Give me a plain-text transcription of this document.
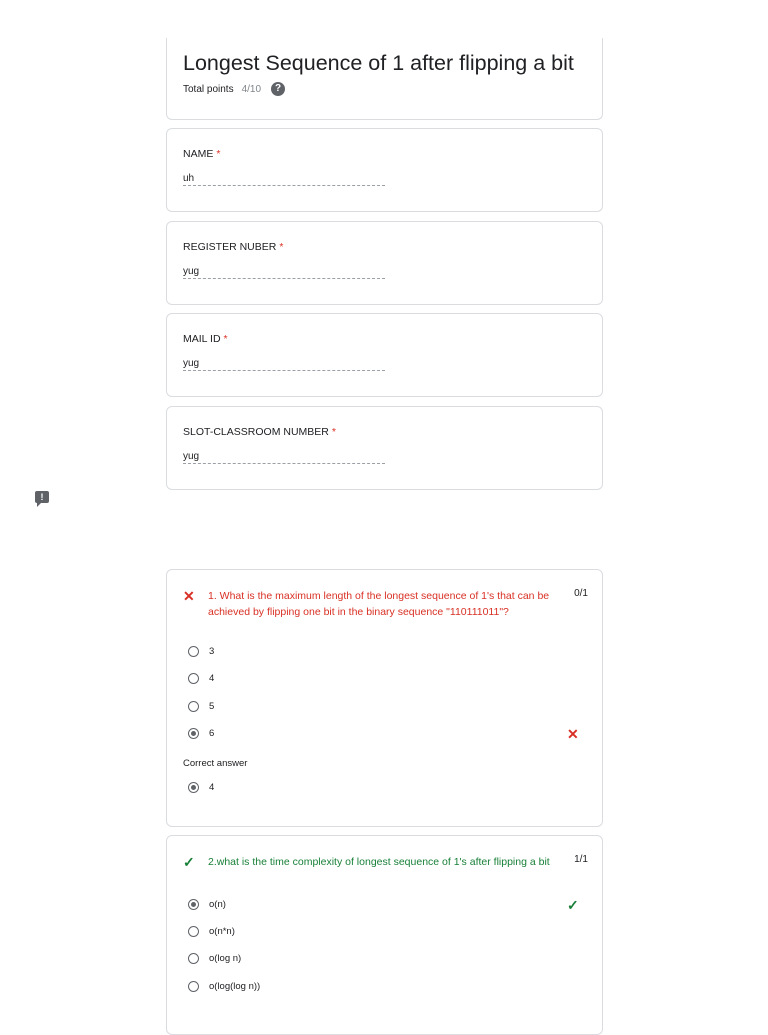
Longest Sequence of 1 after flipping a bit
Total points 4/10	?
NAME *
uh
REGISTER NUBER *
yug
MAIL ID *
yug
SLOT-CLASSROOM NUMBER *
yug
!
✕ 1. What is the maximum length of the longest sequence of 1's that can be achieved by flipping one bit in the binary sequence "110111011"?
0/1
3
4
5
6	✕
Correct answer
4
✓ 2.what is the time complexity of longest sequence of 1's after flipping a bit	1/1
o(n)	✓
o(n*n)
o(log n)
o(log(log n))
